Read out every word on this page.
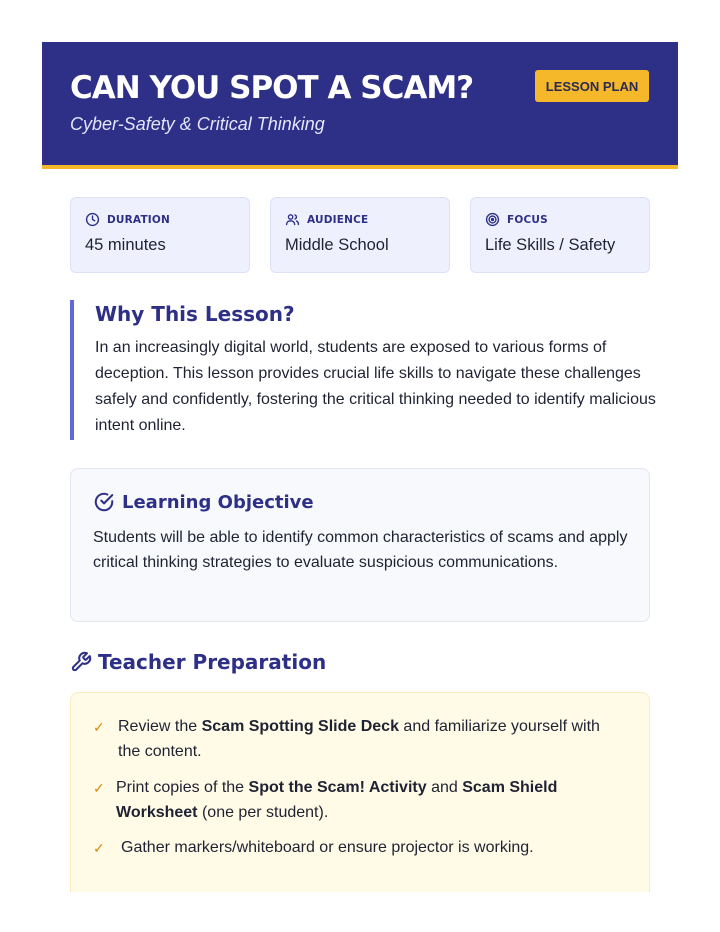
CAN YOU SPOT A SCAM?
Cyber-Safety & Critical Thinking
LESSON PLAN
DURATION
45 minutes
AUDIENCE
Middle School
FOCUS
Life Skills / Safety
Why This Lesson?
In an increasingly digital world, students are exposed to various forms of deception. This lesson provides crucial life skills to navigate these challenges safely and confidently, fostering the critical thinking needed to identify malicious intent online.
Learning Objective
Students will be able to identify common characteristics of scams and apply critical thinking strategies to evaluate suspicious communications.
Teacher Preparation
✓ Review the Scam Spotting Slide Deck and familiarize yourself with the content.
✓ Print copies of the Spot the Scam! Activity and Scam Shield Worksheet (one per student).
✓	Gather markers/whiteboard or ensure projector is working.
